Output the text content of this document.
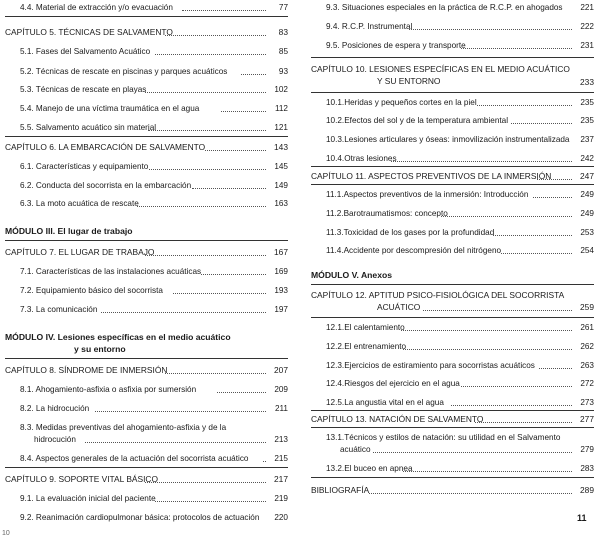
4.4. Material de extracción y/o evacuación	77
CAPÍTULO 5. TÉCNICAS DE SALVAMENTO	83
5.1. Fases del Salvamento Acuático	85
5.2. Técnicas de rescate en piscinas y parques acuáticos	93
5.3. Técnicas de rescate en playas	102
5.4. Manejo de una víctima traumática en el agua	112
5.5. Salvamento acuático sin material	121
CAPÍTULO 6. LA EMBARCACIÓN DE SALVAMENTO	143
6.1. Características y equipamiento	145
6.2. Conducta del socorrista en la embarcación	149
6.3. La moto acuática de rescate	163
MÓDULO III. El lugar de trabajo
CAPÍTULO 7. EL LUGAR DE TRABAJO	167
7.1. Características de las instalaciones acuáticas	169
7.2. Equipamiento básico del socorrista	193
7.3. La comunicación	197
MÓDULO IV. Lesiones específicas en el medio acuático
y su entorno
CAPÍTULO 8. SÍNDROME DE INMERSIÓN	207
8.1. Ahogamiento-asfixia o asfixia por sumersión	209
8.2. La hidrocución	211
8.3. Medidas preventivas del ahogamiento-asfixia y de la
hidrocución	213
8.4. Aspectos generales de la actuación del socorrista acuático	215
CAPÍTULO 9. SOPORTE VITAL BÁSICO	217
9.1. La evaluación inicial del paciente	219
9.2. Reanimación cardiopulmonar básica: protocolos de actuación	220
10
9.3. Situaciones especiales en la práctica de R.C.P. en ahogados	221
9.4. R.C.P. Instrumental	222
9.5. Posiciones de espera y transporte	231
CAPÍTULO 10. LESIONES ESPECÍFICAS EN EL MEDIO ACUÁTICO
Y SU ENTORNO	233
10.1.Heridas y pequeños cortes en la piel	235
10.2.Efectos del sol y de la temperatura ambiental	235
10.3.Lesiones articulares y óseas: inmovilización instrumentalizada	237
10.4.Otras lesiones	242
CAPÍTULO 11. ASPECTOS PREVENTIVOS DE LA INMERSIÓN	247
11.1.Aspectos preventivos de la inmersión: Introducción	249
11.2.Barotraumatismos: concepto	249
11.3.Toxicidad de los gases por la profundidad	253
11.4.Accidente por descompresión del nitrógeno	254
MÓDULO V. Anexos
CAPÍTULO 12. APTITUD PSICO-FISIOLÓGICA DEL SOCORRISTA
ACUÁTICO	259
12.1.El calentamiento	261
12.2.El entrenamiento	262
12.3.Ejercicios de estiramiento para socorristas acuáticos	263
12.4.Riesgos del ejercicio en el agua	272
12.5.La angustia vital en el agua	273
CAPÍTULO 13. NATACIÓN DE SALVAMENTO	277
13.1.Técnicos y estilos de natación: su utilidad en el Salvamento
acuático	279
13.2.El buceo en apnea	283
BIBLIOGRAFÍA	289
11
